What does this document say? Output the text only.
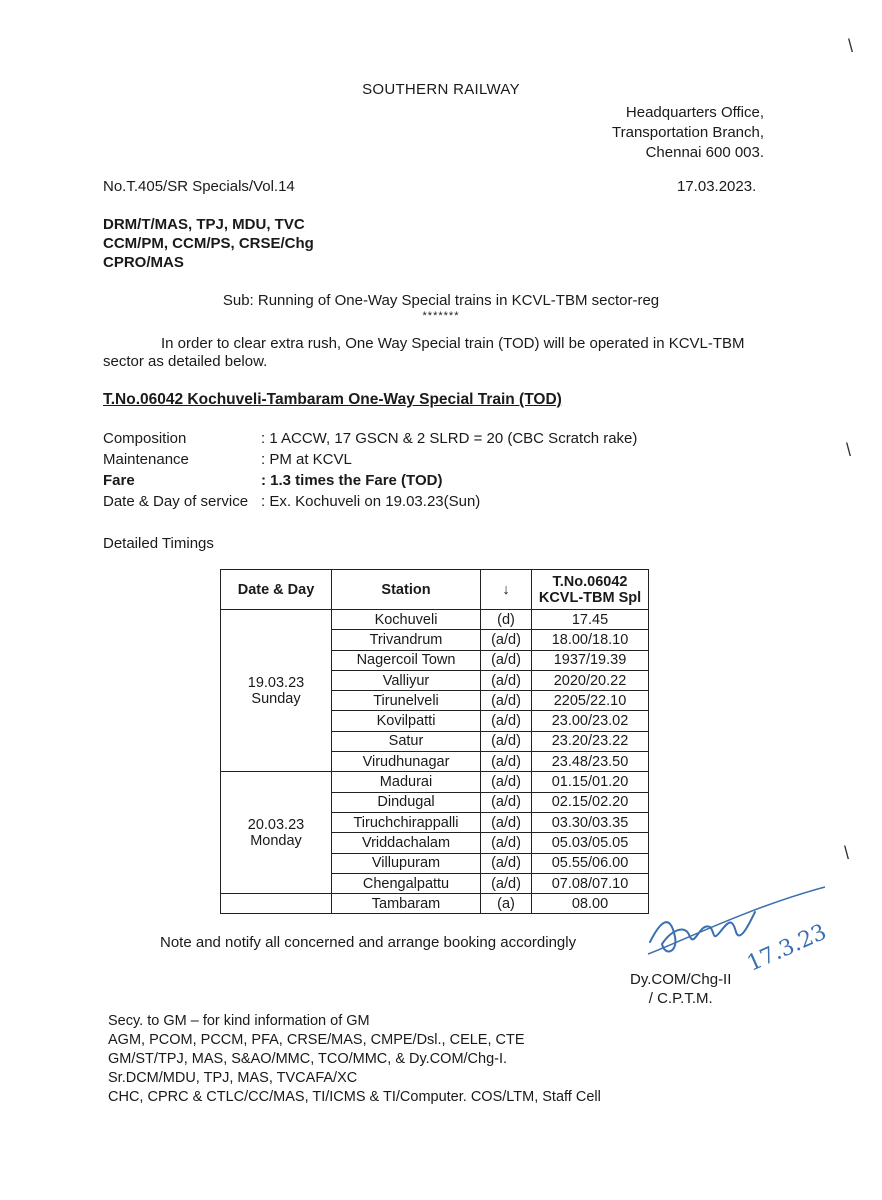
\
\
\
SOUTHERN RAILWAY
Headquarters Office,
Transportation Branch,
Chennai 600 003.
No.T.405/SR Specials/Vol.14	17.03.2023.
DRM/T/MAS, TPJ, MDU, TVC
CCM/PM, CCM/PS, CRSE/Chg
CPRO/MAS
Sub: Running of One-Way Special trains in KCVL-TBM sector-reg
*******
In order to clear extra rush, One Way Special train (TOD) will be operated in KCVL-TBM sector as detailed below.
T.No.06042 Kochuveli-Tambaram One-Way Special Train (TOD)
Composition	: 1 ACCW, 17 GSCN & 2 SLRD = 20 (CBC Scratch rake)
Maintenance	: PM at KCVL
Fare	: 1.3 times the Fare (TOD)
Date & Day of service : Ex. Kochuveli on 19.03.23(Sun)
Detailed Timings
Date & Day	Station	↓	T.No.06042
KCVL-TBM Spl

19.03.23
Sunday	Kochuveli	(d)	17.45
	Trivandrum	(a/d)	18.00/18.10
	Nagercoil Town	(a/d)	1937/19.39
	Valliyur	(a/d)	2020/20.22
	Tirunelveli	(a/d)	2205/22.10
	Kovilpatti	(a/d)	23.00/23.02
	Satur	(a/d)	23.20/23.22
	Virudhunagar	(a/d)	23.48/23.50

20.03.23
Monday	Madurai	(a/d)	01.15/01.20
	Dindugal	(a/d)	02.15/02.20
	Tiruchchirappalli	(a/d)	03.30/03.35
	Vriddachalam	(a/d)	05.03/05.05
	Villupuram	(a/d)	05.55/06.00
	Chengalpattu	(a/d)	07.08/07.10
	Tambaram	(a)	08.00
Note and notify all concerned and arrange booking accordingly	17.3.23
Dy.COM/Chg-II
/ C.P.T.M.
Secy. to GM – for kind information of GM
AGM, PCOM, PCCM, PFA, CRSE/MAS, CMPE/Dsl., CELE, CTE
GM/ST/TPJ, MAS, S&AO/MMC, TCO/MMC, & Dy.COM/Chg-I.
Sr.DCM/MDU, TPJ, MAS, TVCAFA/XC
CHC, CPRC & CTLC/CC/MAS, TI/ICMS & TI/Computer. COS/LTM, Staff Cell
